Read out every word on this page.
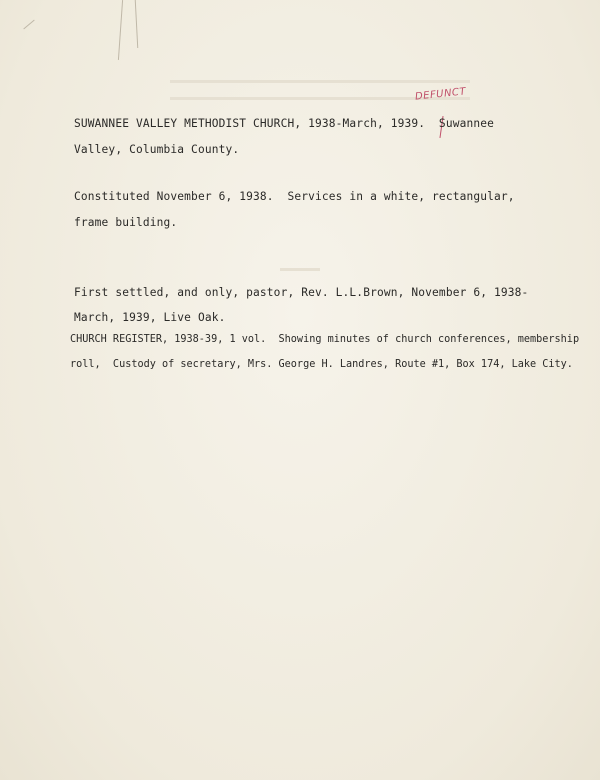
DEFUNCT
SUWANNEE VALLEY METHODIST CHURCH, 1938-March, 1939.  Suwannee
Valley, Columbia County.
Constituted November 6, 1938.  Services in a white, rectangular,
frame building.
First settled, and only, pastor, Rev. L.L.Brown, November 6, 1938-
March, 1939, Live Oak.
CHURCH REGISTER, 1938-39, 1 vol.  Showing minutes of church conferences, membership
roll,  Custody of secretary, Mrs. George H. Landres, Route #1, Box 174, Lake City.
